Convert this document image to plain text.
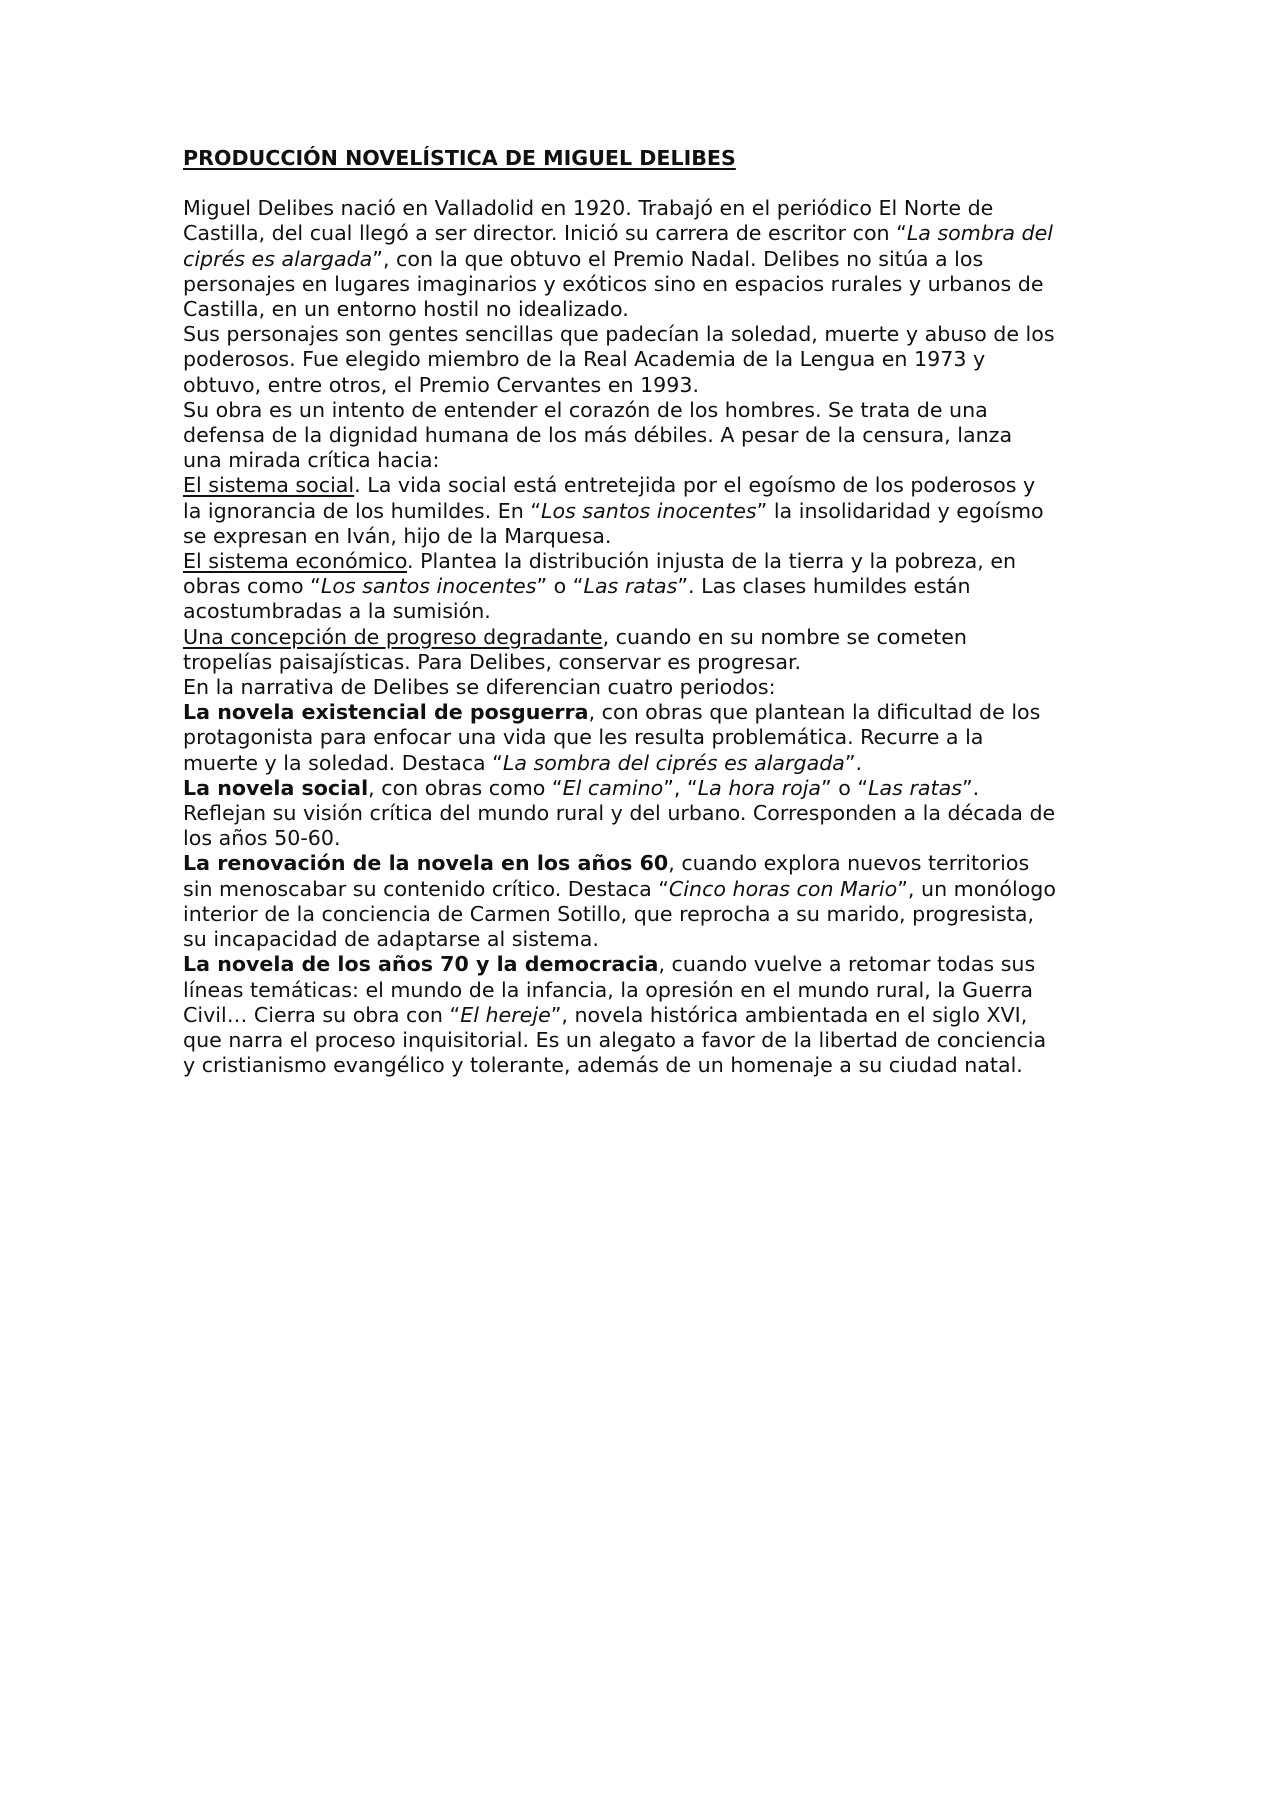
PRODUCCIÓN NOVELÍSTICA DE MIGUEL DELIBES
Miguel Delibes nació en Valladolid en 1920. Trabajó en el periódico El Norte de
Castilla, del cual llegó a ser director. Inició su carrera de escritor con “La sombra del
ciprés es alargada”, con la que obtuvo el Premio Nadal. Delibes no sitúa a los
personajes en lugares imaginarios y exóticos sino en espacios rurales y urbanos de
Castilla, en un entorno hostil no idealizado.
Sus personajes son gentes sencillas que padecían la soledad, muerte y abuso de los
poderosos. Fue elegido miembro de la Real Academia de la Lengua en 1973 y
obtuvo, entre otros, el Premio Cervantes en 1993.
Su obra es un intento de entender el corazón de los hombres. Se trata de una
defensa de la dignidad humana de los más débiles. A pesar de la censura, lanza
una mirada crítica hacia:
El sistema social. La vida social está entretejida por el egoísmo de los poderosos y
la ignorancia de los humildes. En “Los santos inocentes” la insolidaridad y egoísmo
se expresan en Iván, hijo de la Marquesa.
El sistema económico. Plantea la distribución injusta de la tierra y la pobreza, en
obras como “Los santos inocentes” o “Las ratas”. Las clases humildes están
acostumbradas a la sumisión.
Una concepción de progreso degradante, cuando en su nombre se cometen
tropelías paisajísticas. Para Delibes, conservar es progresar.
En la narrativa de Delibes se diferencian cuatro periodos:
La novela existencial de posguerra, con obras que plantean la dificultad de los
protagonista para enfocar una vida que les resulta problemática. Recurre a la
muerte y la soledad. Destaca “La sombra del ciprés es alargada”.
La novela social, con obras como “El camino”, “La hora roja” o “Las ratas”.
Reflejan su visión crítica del mundo rural y del urbano. Corresponden a la década de
los años 50-60.
La renovación de la novela en los años 60, cuando explora nuevos territorios
sin menoscabar su contenido crítico. Destaca “Cinco horas con Mario”, un monólogo
interior de la conciencia de Carmen Sotillo, que reprocha a su marido, progresista,
su incapacidad de adaptarse al sistema.
La novela de los años 70 y la democracia, cuando vuelve a retomar todas sus
líneas temáticas: el mundo de la infancia, la opresión en el mundo rural, la Guerra
Civil… Cierra su obra con “El hereje”, novela histórica ambientada en el siglo XVI,
que narra el proceso inquisitorial. Es un alegato a favor de la libertad de conciencia
y cristianismo evangélico y tolerante, además de un homenaje a su ciudad natal.
